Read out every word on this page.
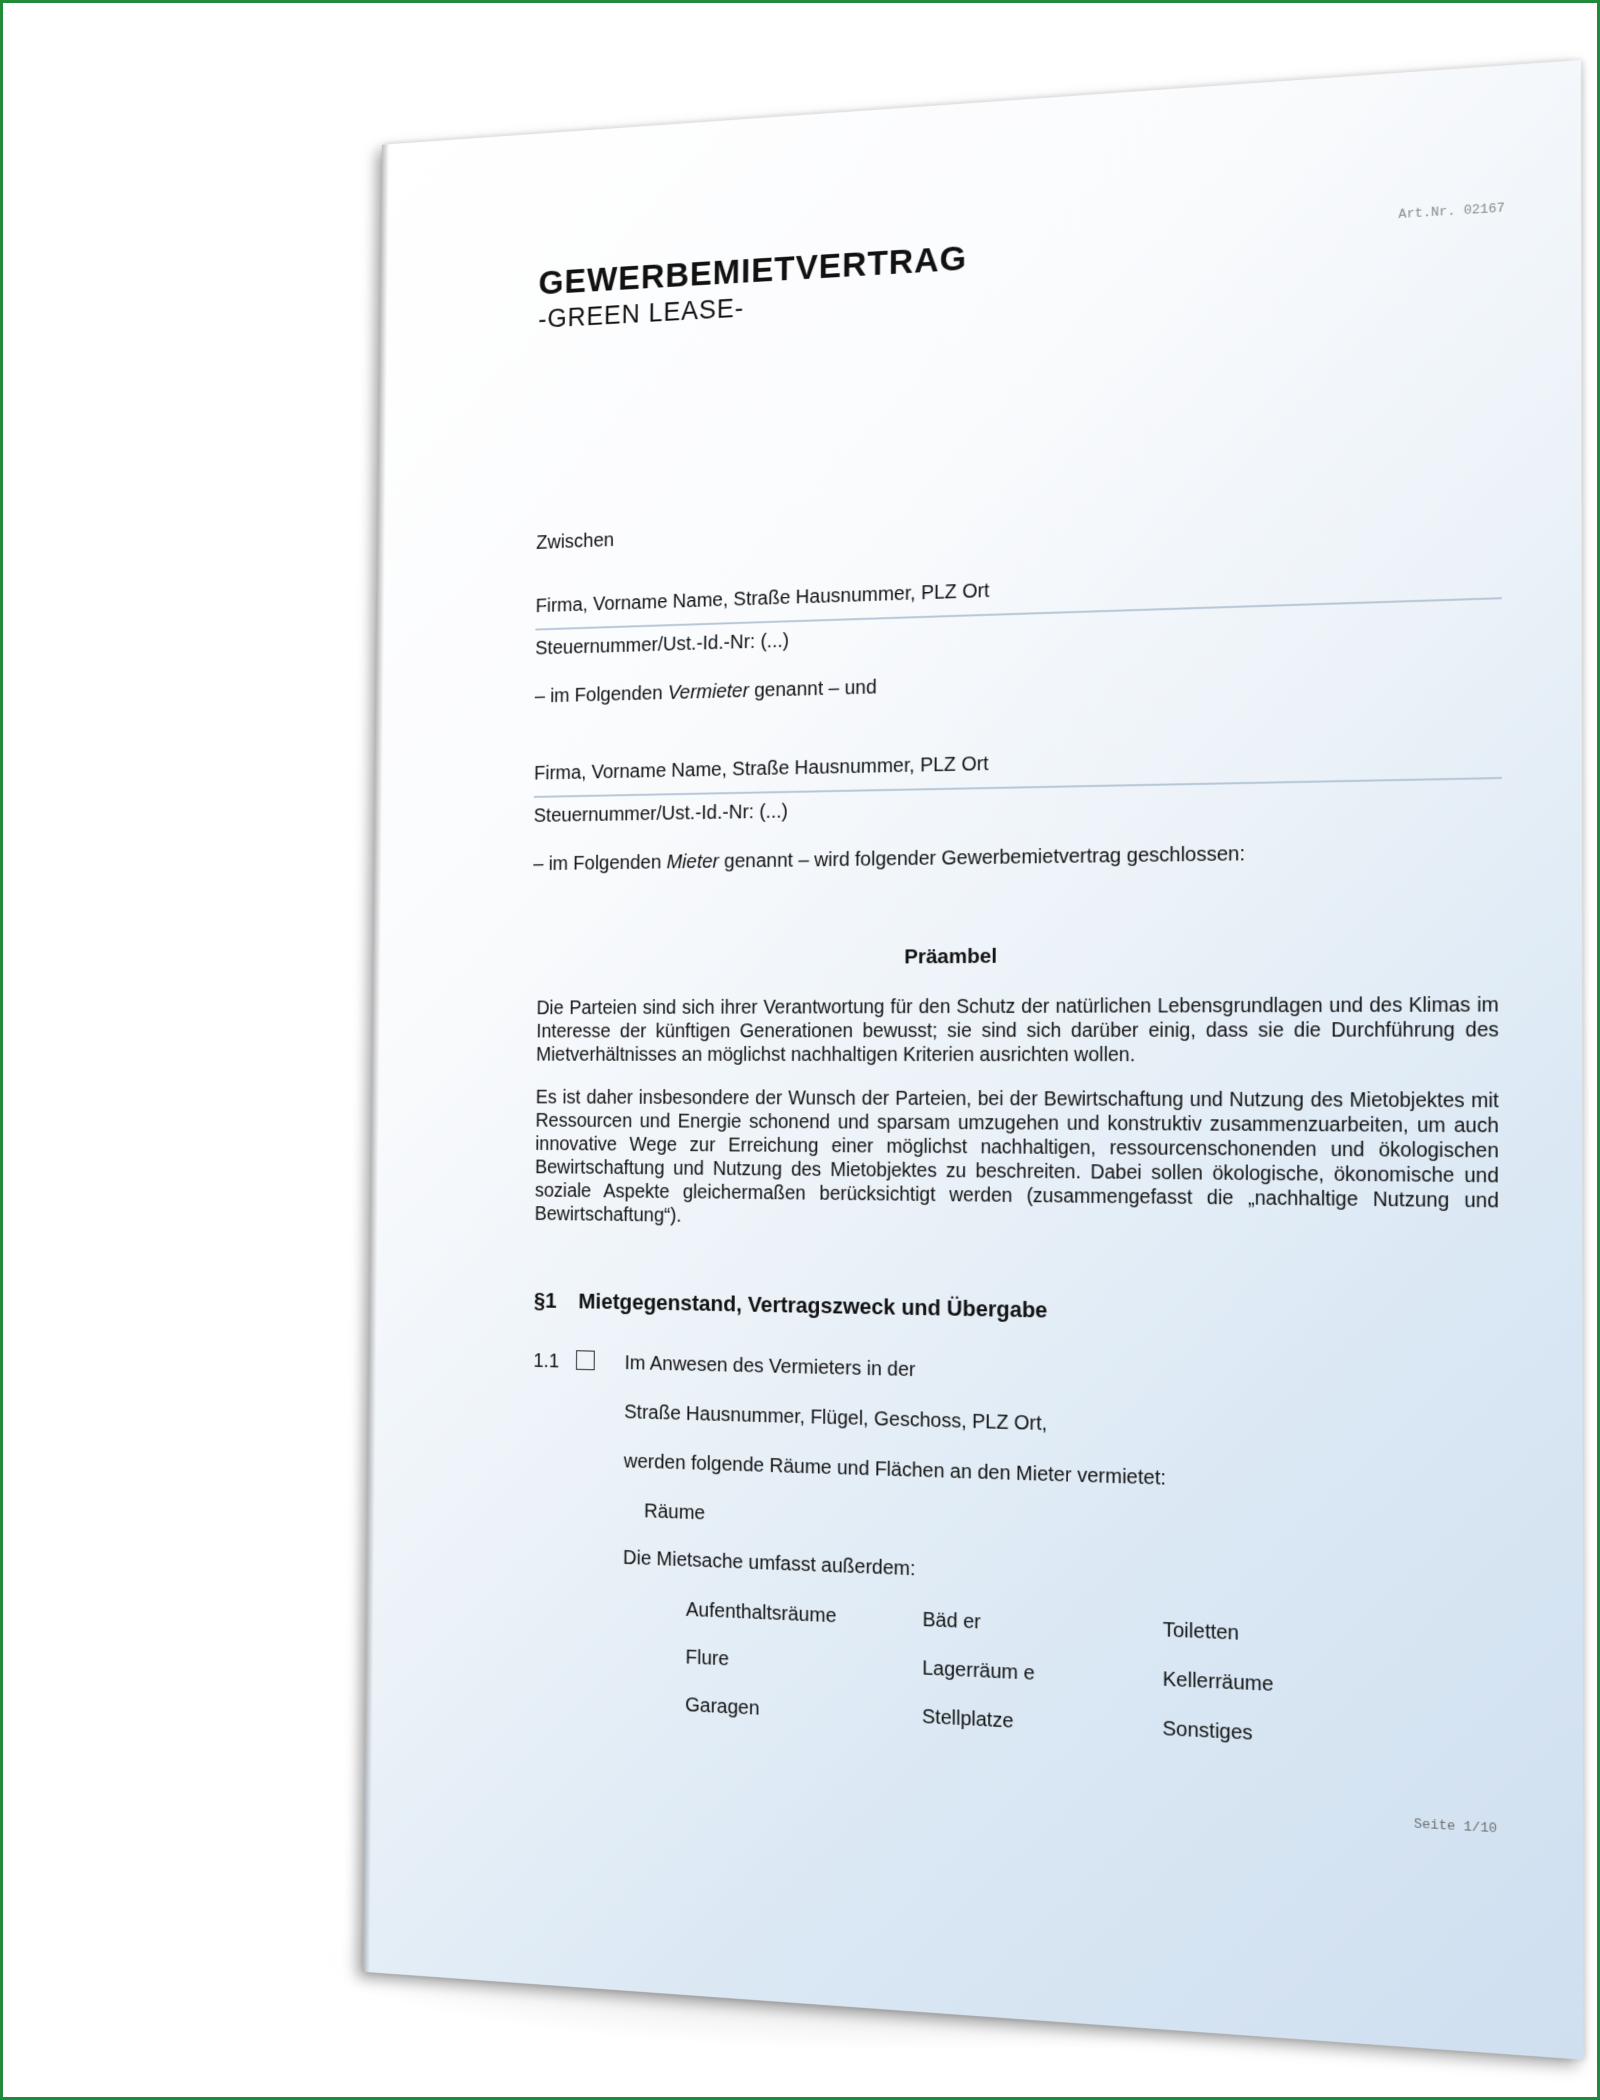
Art.Nr. 02167
GEWERBEMIETVERTRAG
-GREEN LEASE-
Zwischen
Firma, Vorname Name, Straße Hausnummer, PLZ Ort
Steuernummer/Ust.-Id.-Nr: (...)
– im Folgenden Vermieter genannt – und
Firma, Vorname Name, Straße Hausnummer, PLZ Ort
Steuernummer/Ust.-Id.-Nr: (...)
– im Folgenden Mieter genannt – wird folgender Gewerbemietvertrag geschlossen:
Präambel

Die Parteien sind sich ihrer Verantwortung für den Schutz der natürlichen Lebensgrundlagen und des Klimas im Interesse der künftigen Generationen bewusst; sie sind sich darüber einig, dass sie die Durchführung des Mietverhältnisses an möglichst nachhaltigen Kriterien ausrichten wollen.

Es ist daher insbesondere der Wunsch der Parteien, bei der Bewirtschaftung und Nutzung des Mietobjektes mit Ressourcen und Energie schonend und sparsam umzugehen und konstruktiv zusammenzuarbeiten, um auch innovative Wege zur Erreichung einer möglichst nachhaltigen, ressourcenschonenden und ökologischen Bewirtschaftung und Nutzung des Mietobjektes zu beschreiten. Dabei sollen ökologische, ökonomische und soziale Aspekte gleichermaßen berücksichtigt werden (zusammengefasst die „nachhaltige Nutzung und Bewirtschaftung“).

§1 Mietgegenstand, Vertragszweck und Übergabe
1.1	Im Anwesen des Vermieters in der
Straße Hausnummer, Flügel, Geschoss, PLZ Ort,
werden folgende Räume und Flächen an den Mieter vermietet:
Räume
Die Mietsache umfasst außerdem:
Aufenthaltsräume
Flure
Garagen
Bäd er
Lagerräum e
Stellplatze
Toiletten
Kellerräume
Sonstiges
Seite 1/10
